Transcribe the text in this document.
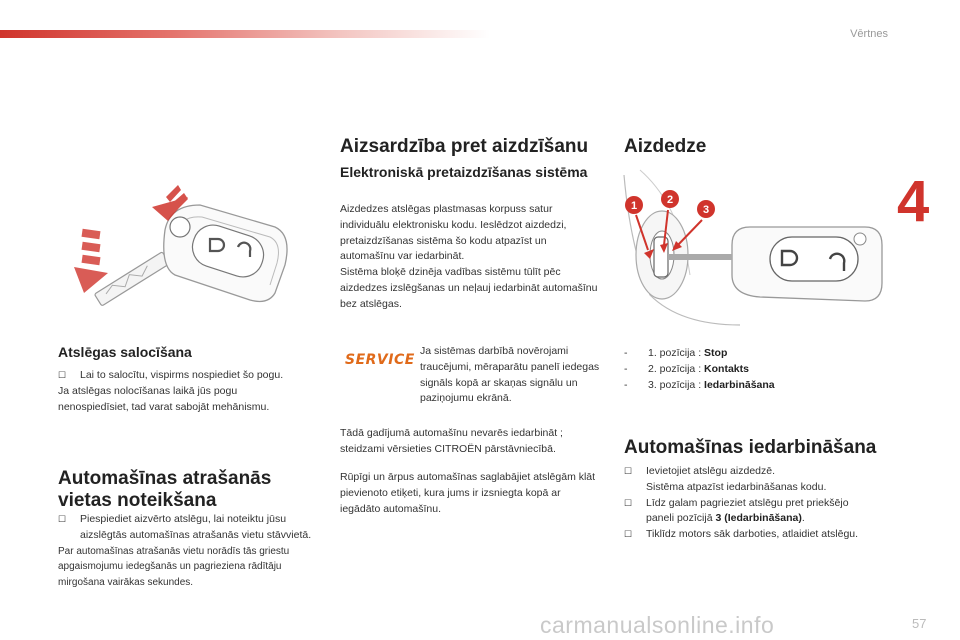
Vērtnes
4
Atslēgas salocīšana
☐ Lai to salocītu, vispirms nospiediet šo pogu.

Ja atslēgas nolocīšanas laikā jūs pogu nenospiedīsiet, tad varat sabojāt mehānismu.

Automašīnas atrašanās vietas noteikšana
☐ Piespiediet aizvērto atslēgu, lai noteiktu jūsu aizslēgtās automašīnas atrašanās vietu stāvvietā.

Par automašīnas atrašanās vietu norādīs tās griestu apgaismojumu iedegšanās un pagrieziena rādītāju mirgošana vairākas sekundes.

Aizsardzība pret aizdzīšanu
Elektroniskā pretaizdzīšanas sistēma

Aizdedzes atslēgas plastmasas korpuss satur individuālu elektronisku kodu. Ieslēdzot aizdedzi, pretaizdzīšanas sistēma šo kodu atpazīst un automašīnu var iedarbināt.

Sistēma bloķē dzinēja vadības sistēmu tūlīt pēc aizdedzes izslēgšanas un neļauj iedarbināt automašīnu bez atslēgas.

SERVICE

Ja sistēmas darbībā novērojami traucējumi, mēraparātu panelī iedegas signāls kopā ar skaņas signālu un paziņojumu ekrānā.

Tādā gadījumā automašīnu nevarēs iedarbināt ; steidzami vērsieties CITROËN pārstāvniecībā.

Rūpīgi un ārpus automašīnas saglabājiet atslēgām klāt pievienoto etiķeti, kura jums ir izsniegta kopā ar iegādāto automašīnu.

Aizdedze
1	2
3
- 1. pozīcija : Stop
- 2. pozīcija : Kontakts
- 3. pozīcija : Iedarbināšana
Automašīnas iedarbināšana
☐ Ievietojiet atslēgu aizdedzē.
Sistēma atpazīst iedarbināšanas kodu.
☐ Līdz galam pagrieziet atslēgu pret priekšējo paneli pozīcijā 3 (Iedarbināšana).
☐ Tiklīdz motors sāk darboties, atlaidiet atslēgu.
carmanualsonline.info	57
